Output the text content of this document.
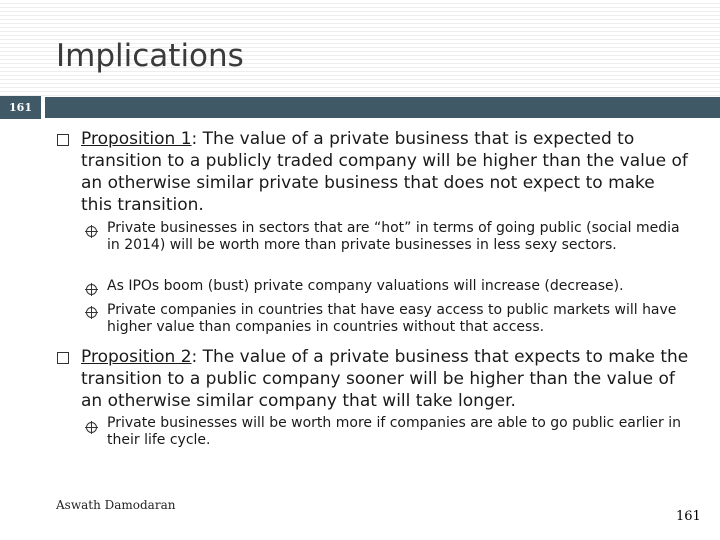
Implications
161
Proposition 1: The value of a private business that is expected to transition to a publicly traded company will be higher than the value of an otherwise similar private business that does not expect to make this transition.
Private businesses in sectors that are “hot” in terms of going public (social media in 2014) will be worth more than private businesses in less sexy sectors.
As IPOs boom (bust) private company valuations will increase (decrease).
Private companies in countries that have easy access to public markets will have higher value than companies in countries without that access.
Proposition 2: The value of a private business that expects to make the transition to a public company sooner will be higher than the value of an otherwise similar company that will take longer.
Private businesses will be worth more if companies are able to go public earlier in their life cycle.
Aswath Damodaran
161
